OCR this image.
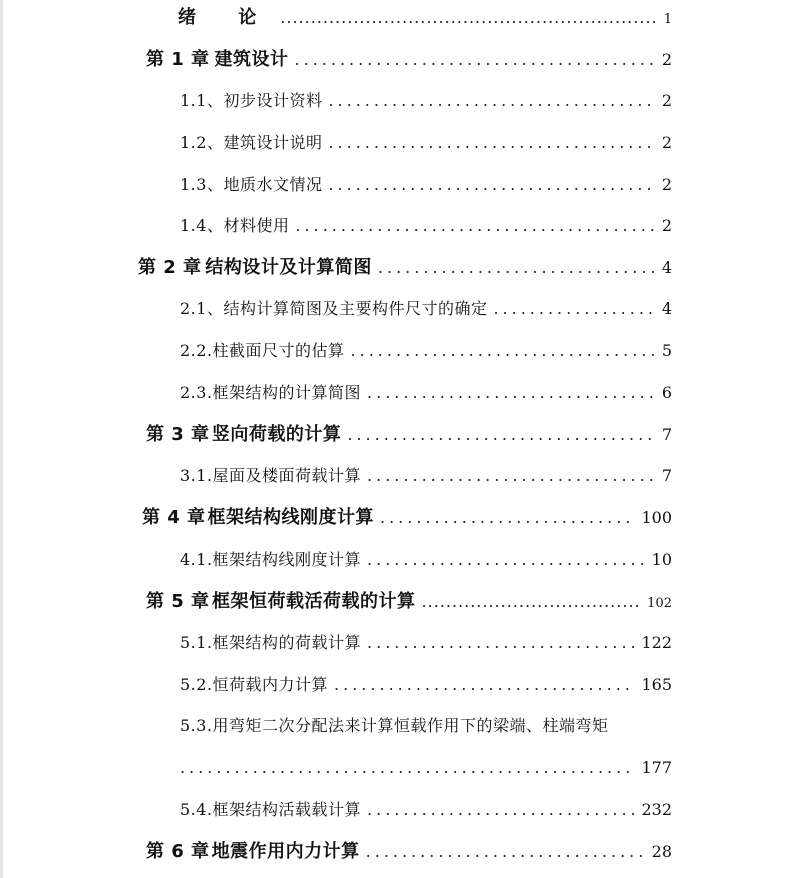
绪 论 .....	1
第 1 章 建筑设计 .....	2
1.1、初步设计资料 .....	2
1.2、建筑设计说明 .....	2
1.3、地质水文情况 .....	2
1.4、材料使用 .....	2
第 2 章 结构设计及计算简图 .....	4
2.1、结构计算简图及主要构件尺寸的确定 .....	4
2.2.柱截面尺寸的估算 .....	5
2.3.框架结构的计算简图 .....	6
第 3 章 竖向荷载的计算 .....	7
3.1.屋面及楼面荷载计算 .....	7
第 4 章 框架结构线刚度计算 .....	100
4.1.框架结构线刚度计算 .....	10
第 5 章 框架恒荷载活荷载的计算 .....	102
5.1.框架结构的荷载计算 .....	122
5.2.恒荷载内力计算 .....	165
5.3.用弯矩二次分配法来计算恒载作用下的梁端、柱端弯矩
.....
177
5.4.框架结构活载载计算 .....	232
第 6 章 地震作用内力计算 .....	28
